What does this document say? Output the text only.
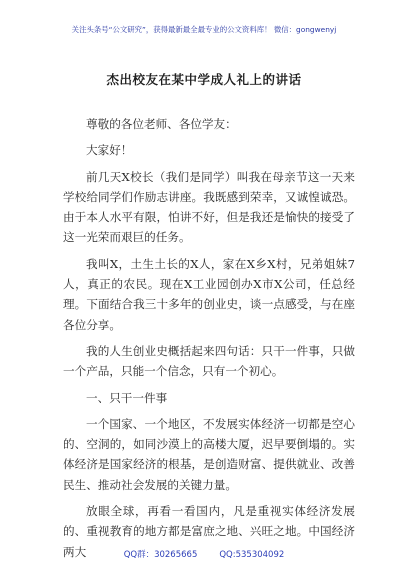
关注头条号“公文研究”，获得最新最全最专业的公文资料库！ 微信：gongwenyj
杰出校友在某中学成人礼上的讲话

尊敬的各位老师、各位学友：

大家好！

前几天X校长（我们是同学）叫我在母亲节这一天来学校给同学们作励志讲座。我既感到荣幸，又诚惶诚恐。由于本人水平有限，怕讲不好，但是我还是愉快的接受了这一光荣而艰巨的任务。

我叫X，土生土长的X人，家在X乡X村，兄弟姐妹7人，真正的农民。现在X工业园创办X市X公司，任总经理。下面结合我三十多年的创业史，谈一点感受，与在座各位分享。

我的人生创业史概括起来四句话：只干一件事，只做一个产品，只能一个信念，只有一个初心。

一、只干一件事

一个国家、一个地区，不发展实体经济一切都是空心的、空洞的，如同沙漠上的高楼大厦，迟早要倒塌的。实体经济是国家经济的根基，是创造财富、提供就业、改善民生、推动社会发展的关键力量。

放眼全球，再看一看国内，凡是重视实体经济发展的、重视教育的地方都是富庶之地、兴旺之地。中国经济两大	QQ群：30265665	QQ:535304092
